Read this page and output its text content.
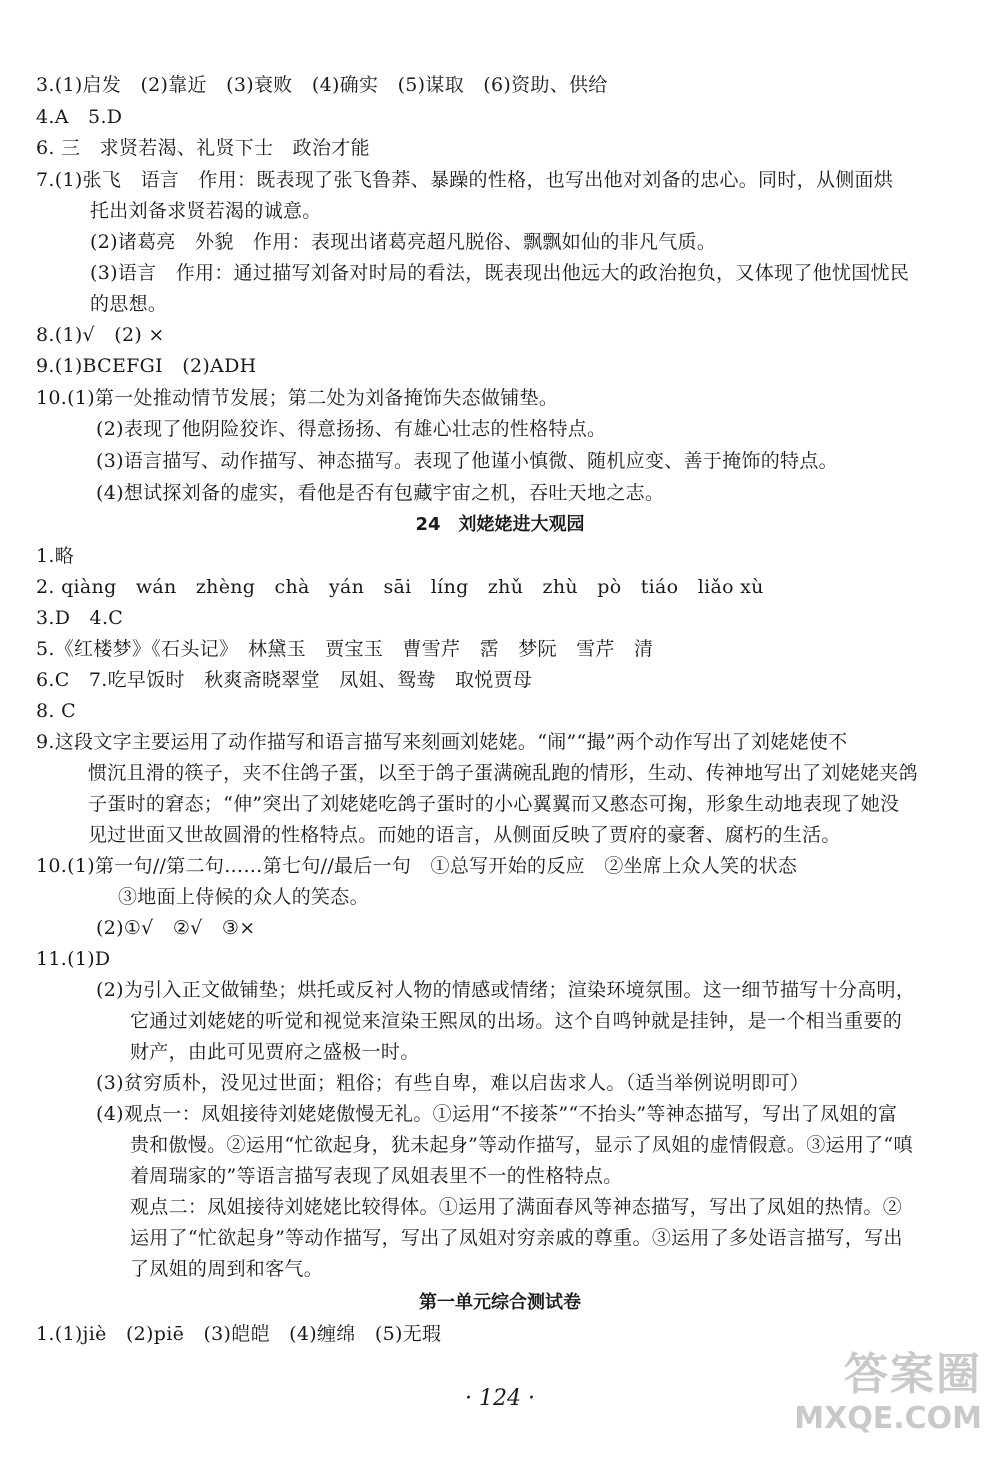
3.(1)启发　(2)靠近　(3)衰败　(4)确实　(5)谋取　(6)资助、供给
4.A　5.D
6. 三　求贤若渴、礼贤下士　政治才能
7.(1)张飞　语言　作用：既表现了张飞鲁莽、暴躁的性格，也写出他对刘备的忠心。同时，从侧面烘
托出刘备求贤若渴的诚意。
(2)诸葛亮　外貌　作用：表现出诸葛亮超凡脱俗、飘飘如仙的非凡气质。
(3)语言　作用：通过描写刘备对时局的看法，既表现出他远大的政治抱负，又体现了他忧国忧民
的思想。
8.(1)√　(2) ×
9.(1)BCEFGI　(2)ADH
10.(1)第一处推动情节发展；第二处为刘备掩饰失态做铺垫。
(2)表现了他阴险狡诈、得意扬扬、有雄心壮志的性格特点。
(3)语言描写、动作描写、神态描写。表现了他谨小慎微、随机应变、善于掩饰的特点。
(4)想试探刘备的虚实，看他是否有包藏宇宙之机，吞吐天地之志。
24　刘姥姥进大观园
1.略
2. qiàng　wán　zhèng　chà　yán　sāi　líng　zhǔ　zhù　pò　tiáo　liǎo xù
3.D　4.C
5.《红楼梦》《石头记》　林黛玉　贾宝玉　曹雪芹　霑　梦阮　雪芹　清
6.C　7.吃早饭时　秋爽斋晓翠堂　凤姐、鸳鸯　取悦贾母
8. C
9.这段文字主要运用了动作描写和语言描写来刻画刘姥姥。“闹”“撮”两个动作写出了刘姥姥使不
惯沉且滑的筷子，夹不住鸽子蛋，以至于鸽子蛋满碗乱跑的情形，生动、传神地写出了刘姥姥夹鸽
子蛋时的窘态；“伸”突出了刘姥姥吃鸽子蛋时的小心翼翼而又憨态可掬，形象生动地表现了她没
见过世面又世故圆滑的性格特点。而她的语言，从侧面反映了贾府的豪奢、腐朽的生活。
10.(1)第一句//第二句……第七句//最后一句　①总写开始的反应　②坐席上众人笑的状态
③地面上侍候的众人的笑态。
(2)①√　②√　③×
11.(1)D
(2)为引入正文做铺垫；烘托或反衬人物的情感或情绪；渲染环境氛围。这一细节描写十分高明，
它通过刘姥姥的听觉和视觉来渲染王熙凤的出场。这个自鸣钟就是挂钟，是一个相当重要的
财产，由此可见贾府之盛极一时。
(3)贫穷质朴，没见过世面；粗俗；有些自卑，难以启齿求人。（适当举例说明即可）
(4)观点一：凤姐接待刘姥姥傲慢无礼。①运用“不接茶”“不抬头”等神态描写，写出了凤姐的富
贵和傲慢。②运用“忙欲起身，犹未起身”等动作描写，显示了凤姐的虚情假意。③运用了“嗔
着周瑞家的”等语言描写表现了凤姐表里不一的性格特点。
观点二：凤姐接待刘姥姥比较得体。①运用了满面春风等神态描写，写出了凤姐的热情。②
运用了“忙欲起身”等动作描写，写出了凤姐对穷亲戚的尊重。③运用了多处语言描写，写出
了凤姐的周到和客气。
第一单元综合测试卷
1.(1)jiè　(2)piē　(3)皑皑　(4)缠绵　(5)无瑕
· 124 ·	答案圈
MXQE.COM
